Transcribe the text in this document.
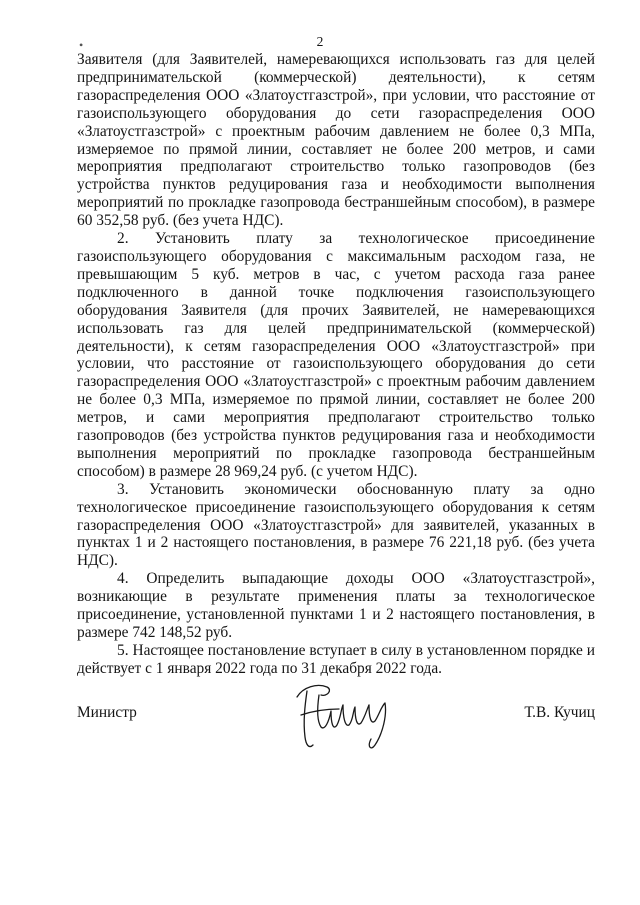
•	2

Заявителя (для Заявителей, намеревающихся использовать газ для целей предпринимательской (коммерческой) деятельности), к сетям газораспределения ООО «Златоустгазстрой», при условии, что расстояние от газоиспользующего оборудования до сети газораспределения ООО «Златоустгазстрой» с проектным рабочим давлением не более 0,3 МПа, измеряемое по прямой линии, составляет не более 200 метров, и сами мероприятия предполагают строительство только газопроводов (без устройства пунктов редуцирования газа и необходимости выполнения мероприятий по прокладке газопровода бестраншейным способом), в размере 60 352,58 руб. (без учета НДС).

2. Установить плату за технологическое присоединение газоиспользующего оборудования с максимальным расходом газа, не превышающим 5 куб. метров в час, с учетом расхода газа ранее подключенного в данной точке подключения газоиспользующего оборудования Заявителя (для прочих Заявителей, не намеревающихся использовать газ для целей предпринимательской (коммерческой) деятельности), к сетям газораспределения ООО «Златоустгазстрой» при условии, что расстояние от газоиспользующего оборудования до сети газораспределения ООО «Златоустгазстрой» с проектным рабочим давлением не более 0,3 МПа, измеряемое по прямой линии, составляет не более 200 метров, и сами мероприятия предполагают строительство только газопроводов (без устройства пунктов редуцирования газа и необходимости выполнения мероприятий по прокладке газопровода бестраншейным способом) в размере 28 969,24 руб. (с учетом НДС).

3. Установить экономически обоснованную плату за одно технологическое присоединение газоиспользующего оборудования к сетям газораспределения ООО «Златоустгазстрой» для заявителей, указанных в пунктах 1 и 2 настоящего постановления, в размере 76 221,18 руб. (без учета НДС).

4. Определить выпадающие доходы ООО «Златоустгазстрой», возникающие в результате применения платы за технологическое присоединение, установленной пунктами 1 и 2 настоящего постановления, в размере 742 148,52 руб.

5. Настоящее постановление вступает в силу в установленном порядке и действует с 1 января 2022 года по 31 декабря 2022 года.

Министр	Т.В. Кучиц
